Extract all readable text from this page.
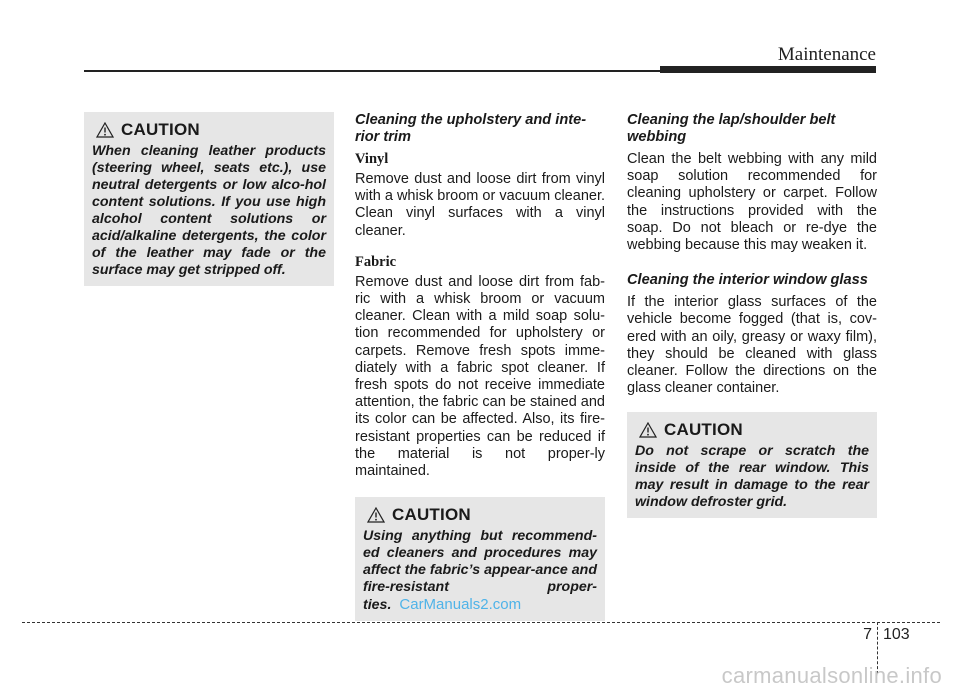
Maintenance
CAUTION

When cleaning leather products (steering wheel, seats etc.), use neutral detergents or low alco-hol content solutions. If you use high alcohol content solutions or acid/alkaline detergents, the color of the leather may fade or the surface may get stripped off.

Cleaning the upholstery and inte-rior trim

Vinyl

Remove dust and loose dirt from vinyl with a whisk broom or vacuum cleaner. Clean vinyl surfaces with a vinyl cleaner.

Fabric

Remove dust and loose dirt from fab-ric with a whisk broom or vacuum cleaner. Clean with a mild soap solu-tion recommended for upholstery or carpets. Remove fresh spots imme-diately with a fabric spot cleaner. If fresh spots do not receive immediate attention, the fabric can be stained and its color can be affected. Also, its fire-resistant properties can be reduced if the material is not proper-ly maintained.

CAUTION

Using anything but recommend-ed cleaners and procedures may affect the fabric’s appear-ance and fire-resistant proper-ties. CarManuals2.com

Cleaning the lap/shoulder belt webbing

Clean the belt webbing with any mild soap solution recommended for cleaning upholstery or carpet. Follow the instructions provided with the soap. Do not bleach or re-dye the webbing because this may weaken it.

Cleaning the interior window glass

If the interior glass surfaces of the vehicle become fogged (that is, cov-ered with an oily, greasy or waxy film), they should be cleaned with glass cleaner. Follow the directions on the glass cleaner container.

CAUTION

Do not scrape or scratch the inside of the rear window. This may result in damage to the rear window defroster grid.

7 103
carmanualsonline.info
